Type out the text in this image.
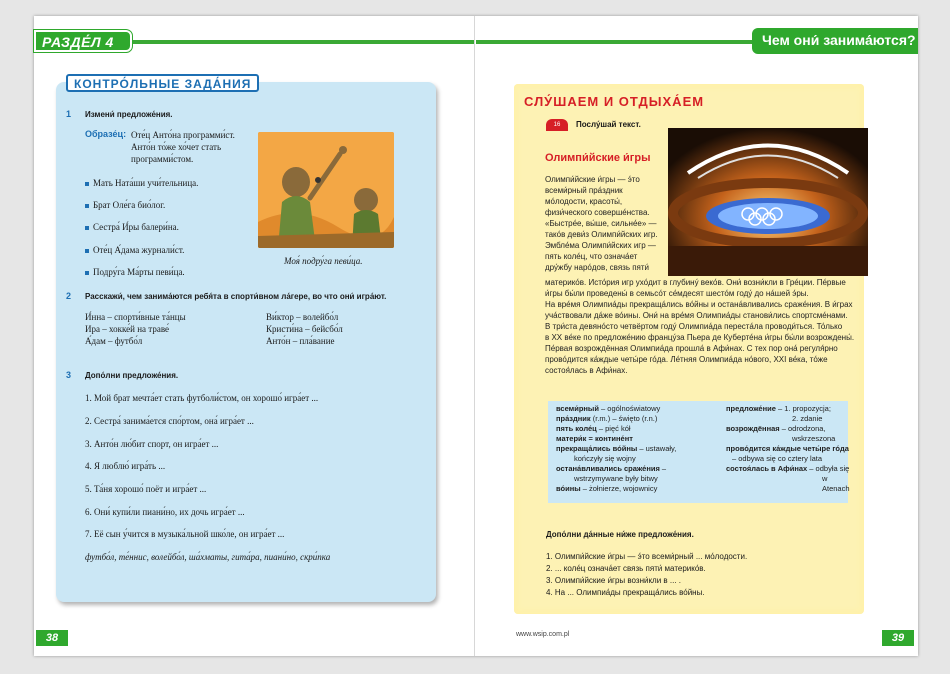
РАЗДЕ́Л 4	Чем они́ занима́ются?
КОНТРО́ЛЬНЫЕ ЗАДА́НИЯ
1 Измени́ предложе́ния.
Образе́ц: Оте́ц Анто́на программи́ст. Анто́н то́же хо́чет стать программи́стом.
Мать Ната́ши учи́тельница.
Брат Оле́га био́лог.
Сестра́ И́ры балери́на.
Оте́ц А́дама журнали́ст.
Подру́га Ма́рты певи́ца.
Моя́ подру́га певи́ца.
2 Расскажи́, чем занима́ются ребя́та в спорти́вном ла́гере, во что они́ игра́ют.
И́нна – спорти́вные та́нцы
Ира – хокке́й на траве́
А́дам – футбо́л
Ви́ктор – волейбо́л
Кристи́на – бейсбо́л
Анто́н – пла́вание
3 Допо́лни предложе́ния.
1. Мой брат мечта́ет стать футболи́стом, он хорошо́ игра́ет ...
2. Сестра́ занима́ется спо́ртом, она́ игра́ет ...
3. Анто́н лю́бит спорт, он игра́ет ...
4. Я люблю́ игра́ть ...
5. Та́ня хорошо́ поёт и игра́ет ...
6. Они́ купи́ли пиани́но, их дочь игра́ет ...
7. Её сын у́чится в музыка́льной шко́ле, он игра́ет ...
футбо́л, те́ннис, волейбо́л, ша́хматы, гита́ра, пиани́но, скри́пка
38
СЛУ́ШАЕМ И ОТДЫХА́ЕМ
16	Послу́шай текст.
Олимпи́йские и́гры
Олимпи́йские и́гры — э́то
всеми́рный пра́здник
мо́лодости, красоты́,
физи́ческого соверше́нства.
«Быстре́е, вы́ше, сильне́е» —
тако́в деви́з Олимпи́йских игр.
Эмбле́ма Олимпи́йских игр —
пять коле́ц, что означа́ет
дру́жбу наро́дов, связь пяти́
материко́в. Исто́рия игр ухо́дит в глубину́ веко́в. Они́ возни́кли в Гре́ции. Пе́рвые
и́гры бы́ли проведены́ в семьсо́т се́мдесят шесто́м году́ до на́шей э́ры.
На вре́мя Олимпиа́ды прекраща́лись во́йны и остана́вливались сраже́ния. В и́грах
уча́ствовали да́же во́ины. Они́ на вре́мя Олимпиа́ды станови́лись спортсме́нами.
В три́ста девяно́сто четвёртом году́ Олимпиа́да переста́ла проводи́ться. То́лько
в XX ве́ке по предложе́нию францу́за Пьера де Куберте́на и́гры бы́ли возрождены́.
Пе́рвая возрождённая Олимпиа́да прошла́ в Афи́нах. С тех пор она́ регуля́рно
прово́дится ка́ждые четы́ре го́да. Ле́тняя Олимпиа́да но́вого, XXI ве́ка, то́же
состоя́лась в Афи́нах.
всеми́рный – ogólnoświatowy
пра́здник (r.m.) – święto (r.n.)
пять коле́ц – pięć kół
матери́к = контине́нт
прекраща́лись во́йны – ustawały,
kończyły się wojny
остана́вливались сраже́ния –
wstrzymywane były bitwy
во́ины – żołnierze, wojownicy
предложе́ние – 1. propozycja;
2. zdanie
возрождённая – odrodzona,
wskrzeszona
прово́дится ка́ждые четы́ре го́да
– odbywa się co cztery lata
состоя́лась в Афи́нах – odbyła się
w Atenach
Допо́лни да́нные ни́же предложе́ния.
1. Олимпи́йские и́гры — э́то всеми́рный ... мо́лодости.
2. ... коле́ц означа́ет связь пяти́ материко́в.
3. Олимпи́йские и́гры возни́кли в ... .
4. На ... Олимпиа́ды прекраща́лись во́йны.
www.wsip.com.pl	39
